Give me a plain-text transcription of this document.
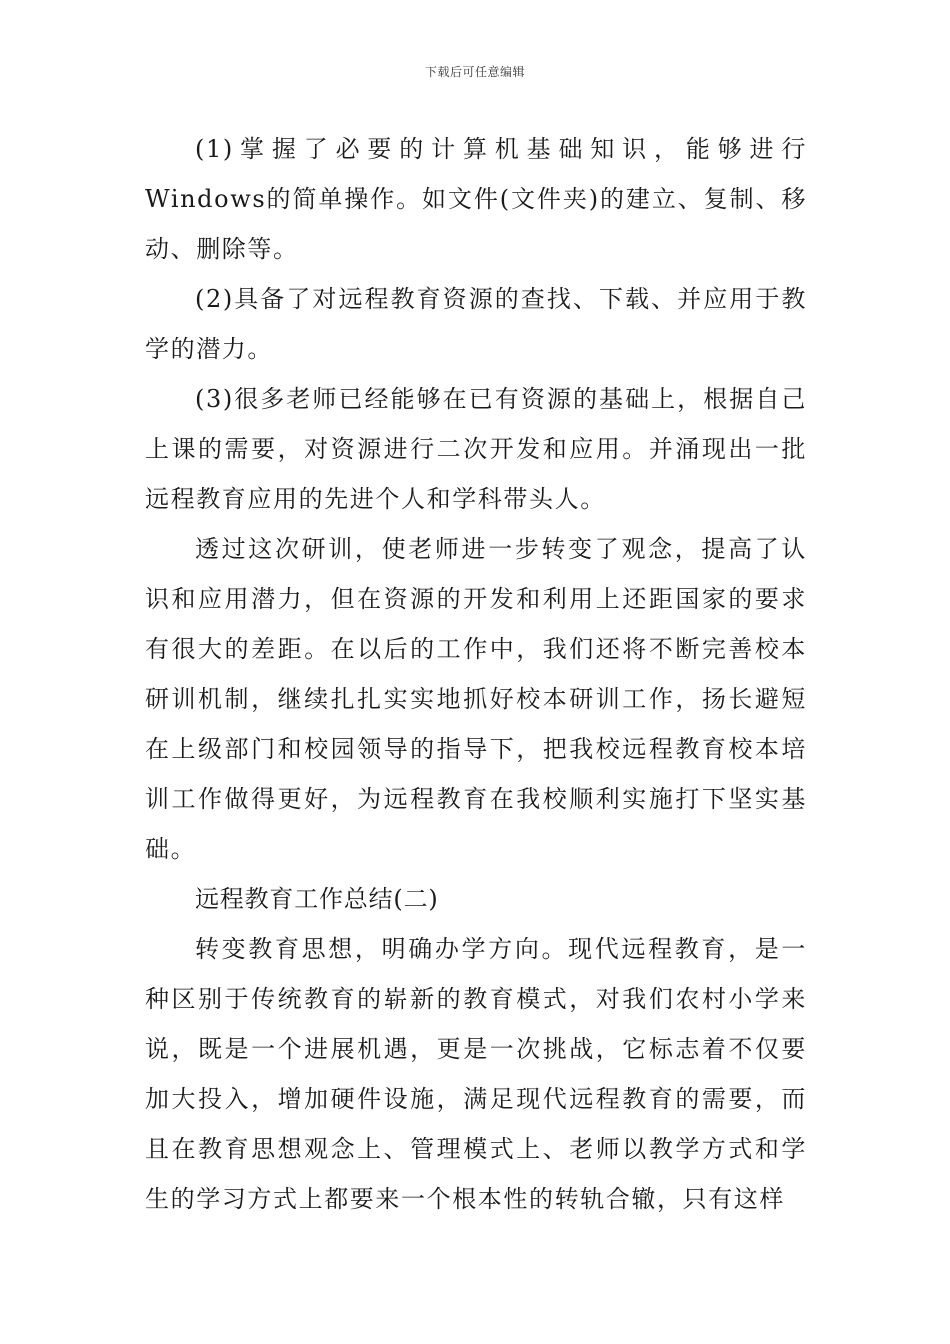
下载后可任意编辑

(1)掌握了必要的计算机基础知识，能够进行Windows的简单操作。如文件(文件夹)的建立、复制、移动、删除等。

(2)具备了对远程教育资源的查找、下载、并应用于教学的潜力。

(3)很多老师已经能够在已有资源的基础上，根据自己上课的需要，对资源进行二次开发和应用。并涌现出一批远程教育应用的先进个人和学科带头人。

透过这次研训，使老师进一步转变了观念，提高了认识和应用潜力，但在资源的开发和利用上还距国家的要求有很大的差距。在以后的工作中，我们还将不断完善校本研训机制，继续扎扎实实地抓好校本研训工作，扬长避短在上级部门和校园领导的指导下，把我校远程教育校本培训工作做得更好，为远程教育在我校顺利实施打下坚实基础。

远程教育工作总结(二)

转变教育思想，明确办学方向。现代远程教育，是一种区别于传统教育的崭新的教育模式，对我们农村小学来说，既是一个进展机遇，更是一次挑战，它标志着不仅要加大投入，增加硬件设施，满足现代远程教育的需要，而且在教育思想观念上、管理模式上、老师以教学方式和学生的学习方式上都要来一个根本性的转轨合辙，只有这样
